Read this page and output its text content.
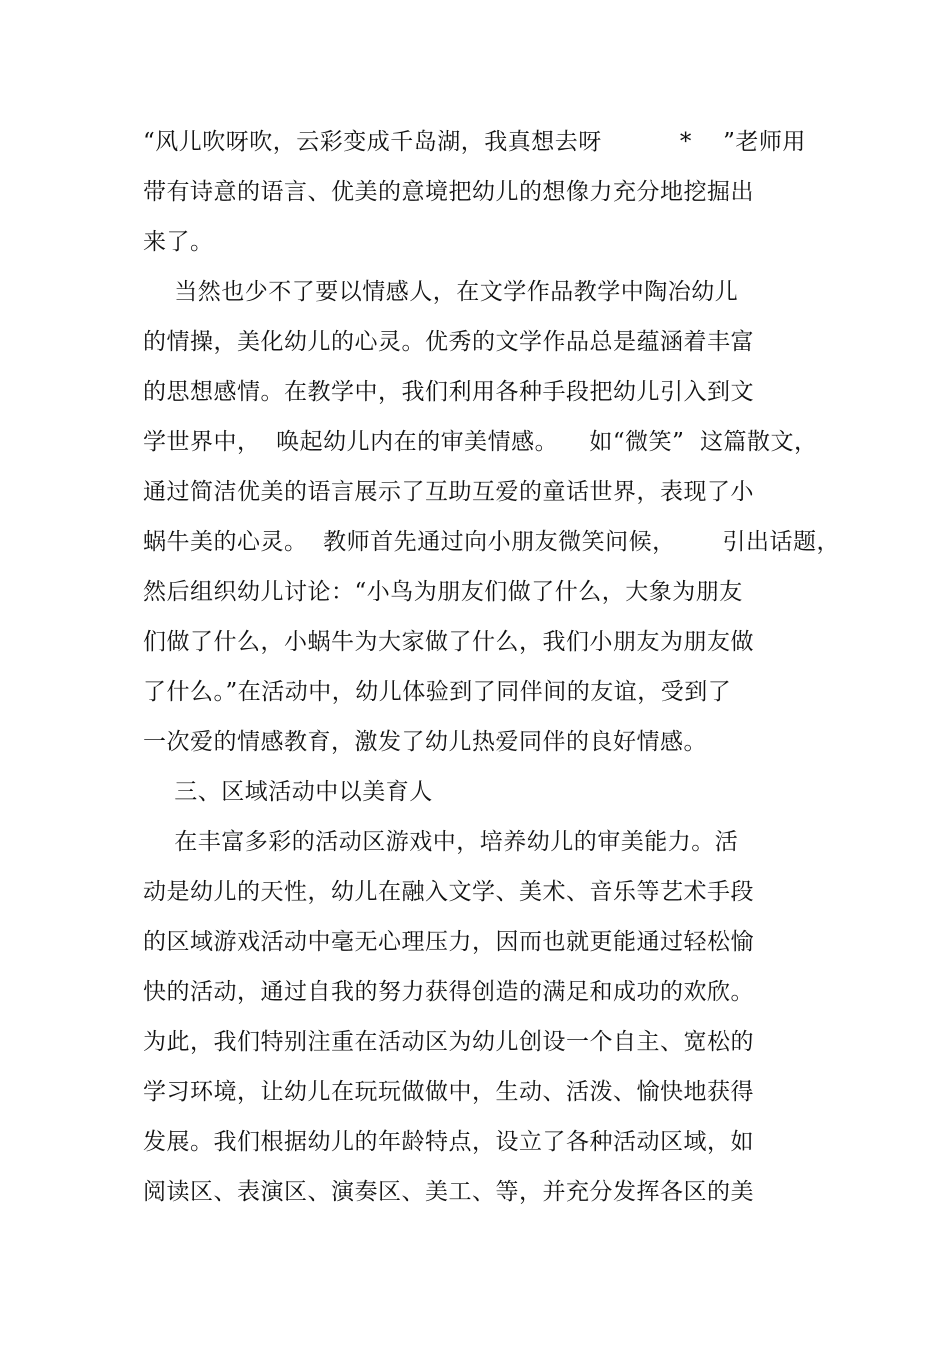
“风儿吹呀吹，云彩变成千岛湖，我真想去呀          *    ”老师用
带有诗意的语言、优美的意境把幼儿的想像力充分地挖掘出
来了。
当然也少不了要以情感人，在文学作品教学中陶冶幼儿
的情操，美化幼儿的心灵。优秀的文学作品总是蕴涵着丰富
的思想感情。在教学中，我们利用各种手段把幼儿引入到文
学世界中，  唤起幼儿内在的审美情感。    如“微笑”  这篇散文，
通过简洁优美的语言展示了互助互爱的童话世界，表现了小
蜗牛美的心灵。  教师首先通过向小朋友微笑问候，      引出话题，
然后组织幼儿讨论：“小鸟为朋友们做了什么，大象为朋友
们做了什么，小蜗牛为大家做了什么，我们小朋友为朋友做
了什么。”在活动中，幼儿体验到了同伴间的友谊，受到了
一次爱的情感教育，激发了幼儿热爱同伴的良好情感。
三、区域活动中以美育人
在丰富多彩的活动区游戏中，培养幼儿的审美能力。活
动是幼儿的天性，幼儿在融入文学、美术、音乐等艺术手段
的区域游戏活动中毫无心理压力，因而也就更能通过轻松愉
快的活动，通过自我的努力获得创造的满足和成功的欢欣。
为此，我们特别注重在活动区为幼儿创设一个自主、宽松的
学习环境，让幼儿在玩玩做做中，生动、活泼、愉快地获得
发展。我们根据幼儿的年龄特点，设立了各种活动区域，如
阅读区、表演区、演奏区、美工、等，并充分发挥各区的美
